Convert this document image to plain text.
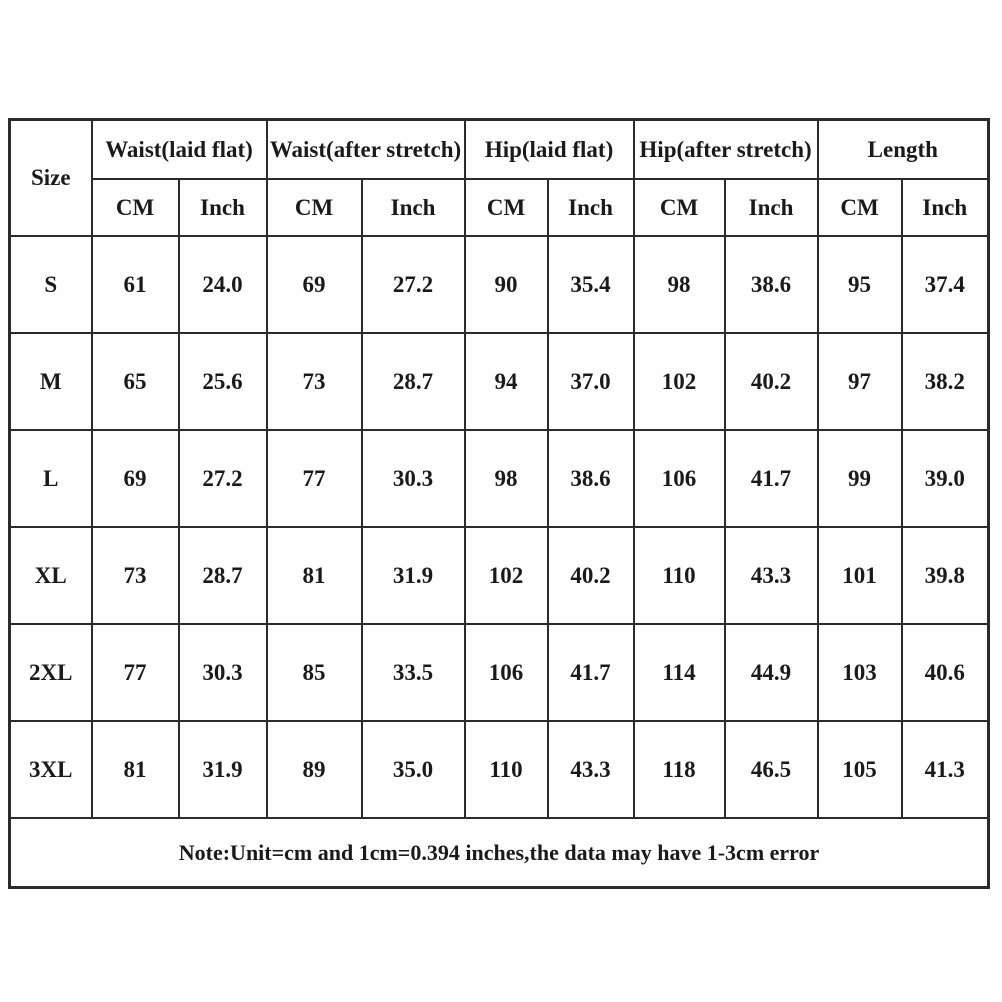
Size	Waist(laid flat)		Waist(after stretch)		Hip(laid flat)		Hip(after stretch)		Length	
	CM	Inch	CM	Inch	CM	Inch	CM	Inch	CM	Inch
S	61	24.0	69	27.2	90	35.4	98	38.6	95	37.4
M	65	25.6	73	28.7	94	37.0	102	40.2	97	38.2
L	69	27.2	77	30.3	98	38.6	106	41.7	99	39.0
XL	73	28.7	81	31.9	102	40.2	110	43.3	101	39.8
2XL	77	30.3	85	33.5	106	41.7	114	44.9	103	40.6
3XL	81	31.9	89	35.0	110	43.3	118	46.5	105	41.3
Note:Unit=cm and 1cm=0.394 inches,the data may have 1-3cm error										
